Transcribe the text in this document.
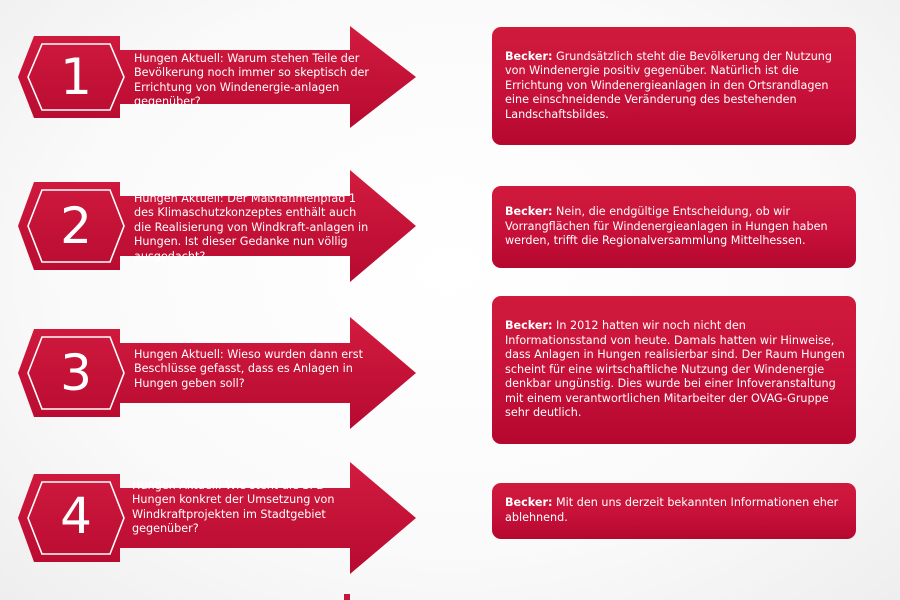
1	Hungen Aktuell: Warum stehen Teile der Bevölkerung noch immer so skeptisch der Errichtung von Windenergie-anlagen gegenüber?
2	Hungen Aktuell: Der Maßnahmenpfad 1 des Klimaschutzkonzeptes enthält auch die Realisierung von Windkraft-anlagen in Hungen. Ist dieser Gedanke nun völlig ausgedacht?
3	Hungen Aktuell: Wieso wurden dann erst Beschlüsse gefasst, dass es Anlagen in Hungen geben soll?
4
Hungen Aktuell: Wie steht die SPD Hungen konkret der Umsetzung von Windkraftprojekten im Stadtgebiet gegenüber?
Becker: Grundsätzlich steht die Bevölkerung der Nutzung von Windenergie positiv gegenüber. Natürlich ist die Errichtung von Windenergieanlagen in den Ortsrandlagen eine einschneidende Veränderung des bestehenden Landschaftsbildes.
Becker: Nein, die endgültige Entscheidung, ob wir Vorrangflächen für Windenergieanlagen in Hungen haben werden, trifft die Regionalversammlung Mittelhessen.
Becker: In 2012 hatten wir noch nicht den Informationsstand von heute. Damals hatten wir Hinweise, dass Anlagen in Hungen realisierbar sind. Der Raum Hungen scheint für eine wirtschaftliche Nutzung der Windenergie denkbar ungünstig. Dies wurde bei einer Infoveranstaltung mit einem verantwortlichen Mitarbeiter der OVAG-Gruppe sehr deutlich.
Becker: Mit den uns derzeit bekannten Informationen eher ablehnend.
